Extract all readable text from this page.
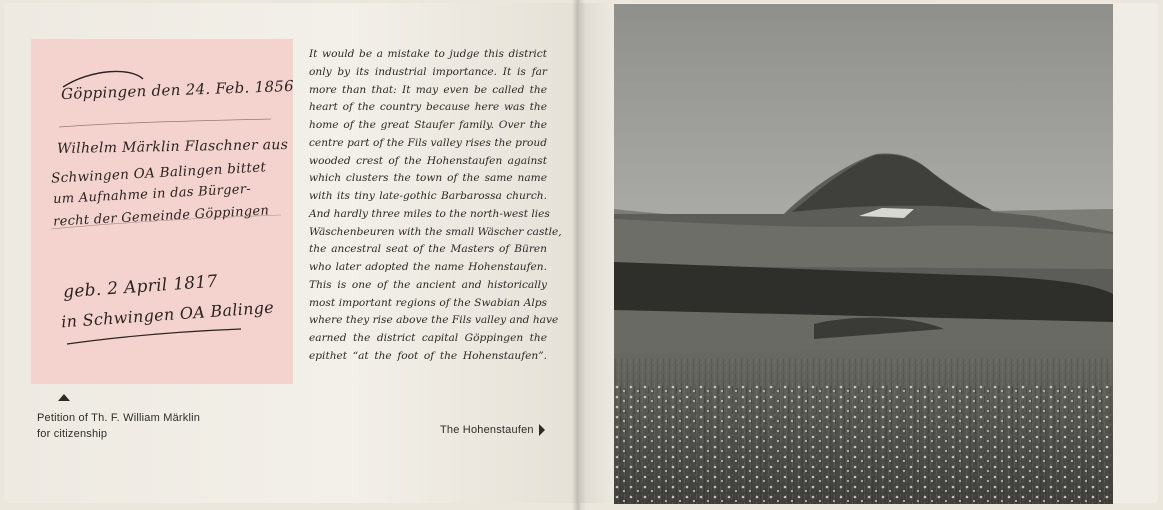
Göppingen den 24. Feb. 1856
Wilhelm Märklin Flaschner aus
Schwingen OA Balingen bittet
um Aufnahme in das Bürger-
recht der Gemeinde Göppingen
geb. 2 April 1817
in Schwingen OA Balinge
Petition of Th. F. William Märklin
for citizenship
It would be a mistake to judge this district
only by its industrial importance. It is far
more than that: It may even be called the
heart of the country because here was the
home of the great Staufer family. Over the
centre part of the Fils valley rises the proud
wooded crest of the Hohenstaufen against
which clusters the town of the same name
with its tiny late-gothic Barbarossa church.
And hardly three miles to the north-west lies
Wäschenbeuren with the small Wäscher castle,
the ancestral seat of the Masters of Büren
who later adopted the name Hohenstaufen.
This is one of the ancient and historically
most important regions of the Swabian Alps
where they rise above the Fils valley and have
earned the district capital Göppingen the
epithet “at the foot of the Hohenstaufen”.
The Hohenstaufen
